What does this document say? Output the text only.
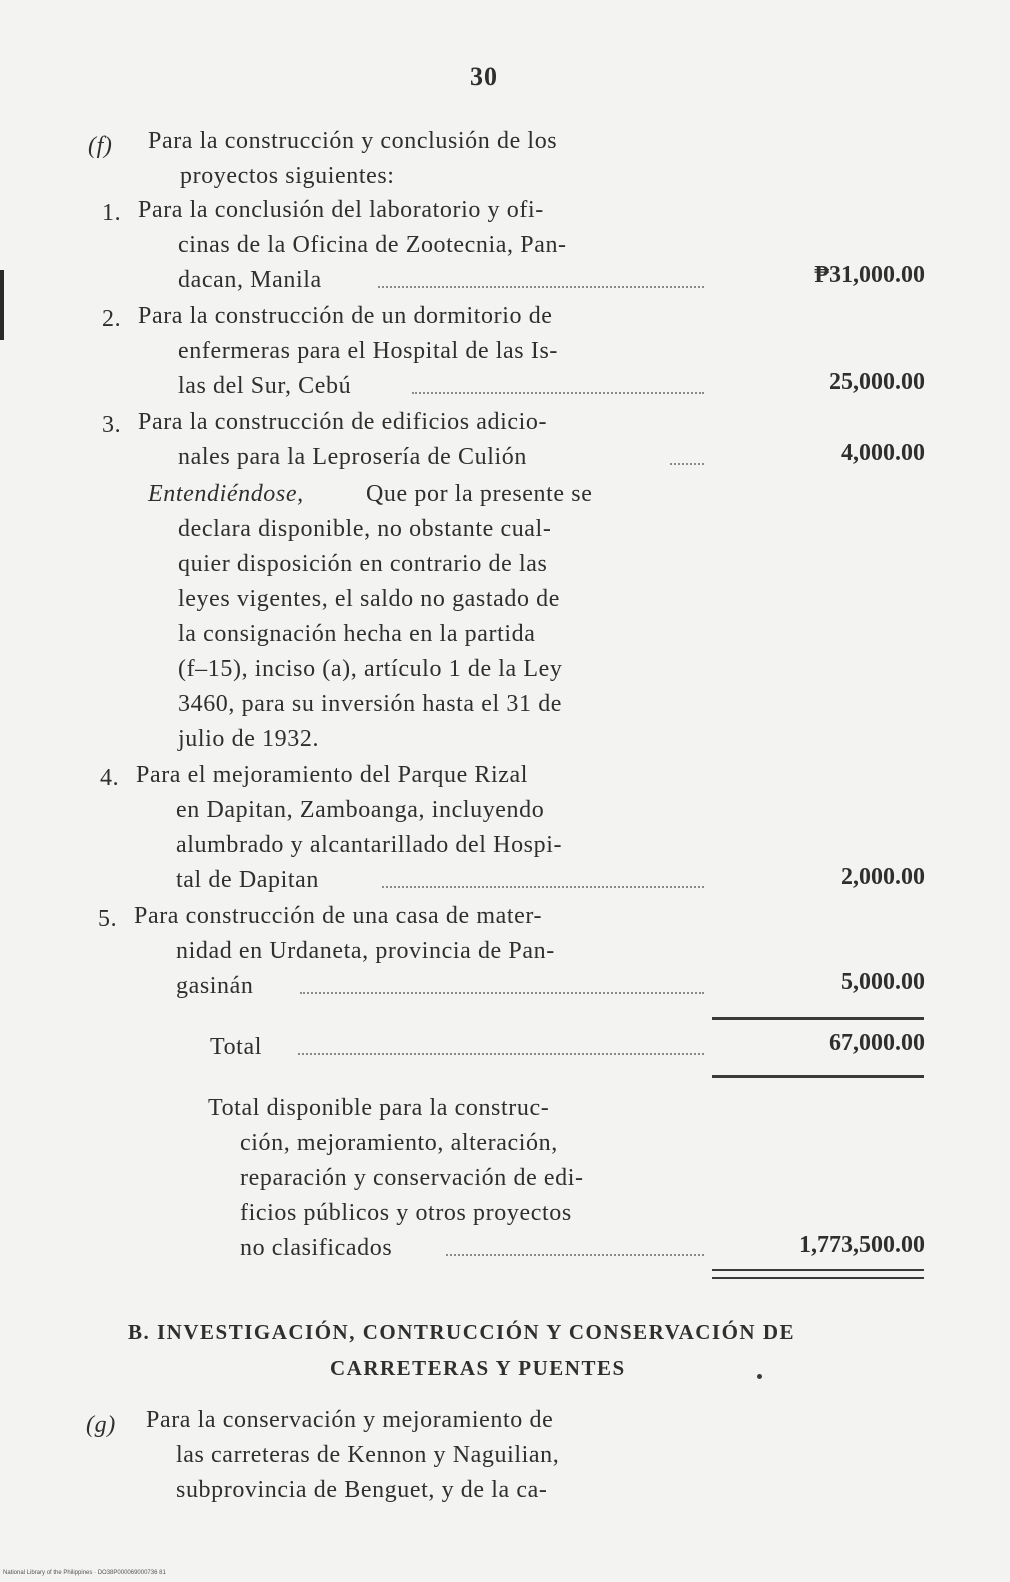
30
(f) Para la construcción y conclusión de los
proyectos siguientes:
1. Para la conclusión del laboratorio y ofi-
cinas de la Oficina de Zootecnia, Pan-
dacan, Manila	₱31,000.00
2. Para la construcción de un dormitorio de
enfermeras para el Hospital de las Is-
las del Sur, Cebú	25,000.00
3. Para la construcción de edificios adicio-
nales para la Leprosería de Culión	4,000.00
Entendiéndose,	Que por la presente se
declara disponible, no obstante cual-
quier disposición en contrario de las
leyes vigentes, el saldo no gastado de
la consignación hecha en la partida
(f–15), inciso (a), artículo 1 de la Ley
3460, para su inversión hasta el 31 de
julio de 1932.
4. Para el mejoramiento del Parque Rizal
en Dapitan, Zamboanga, incluyendo
alumbrado y alcantarillado del Hospi-
tal de Dapitan	2,000.00
5. Para construcción de una casa de mater-
nidad en Urdaneta, provincia de Pan-
gasinán	5,000.00
Total	67,000.00
Total disponible para la construc-
ción, mejoramiento, alteración,
reparación y conservación de edi-
ficios públicos y otros proyectos
no clasificados	1,773,500.00
B. INVESTIGACIÓN, CONTRUCCIÓN Y CONSERVACIÓN DE
CARRETERAS Y PUENTES
(g) Para la conservación y mejoramiento de
las carreteras de Kennon y Naguilian,
subprovincia de Benguet, y de la ca-
National Library of the Philippines · DO38P000069000736 81
